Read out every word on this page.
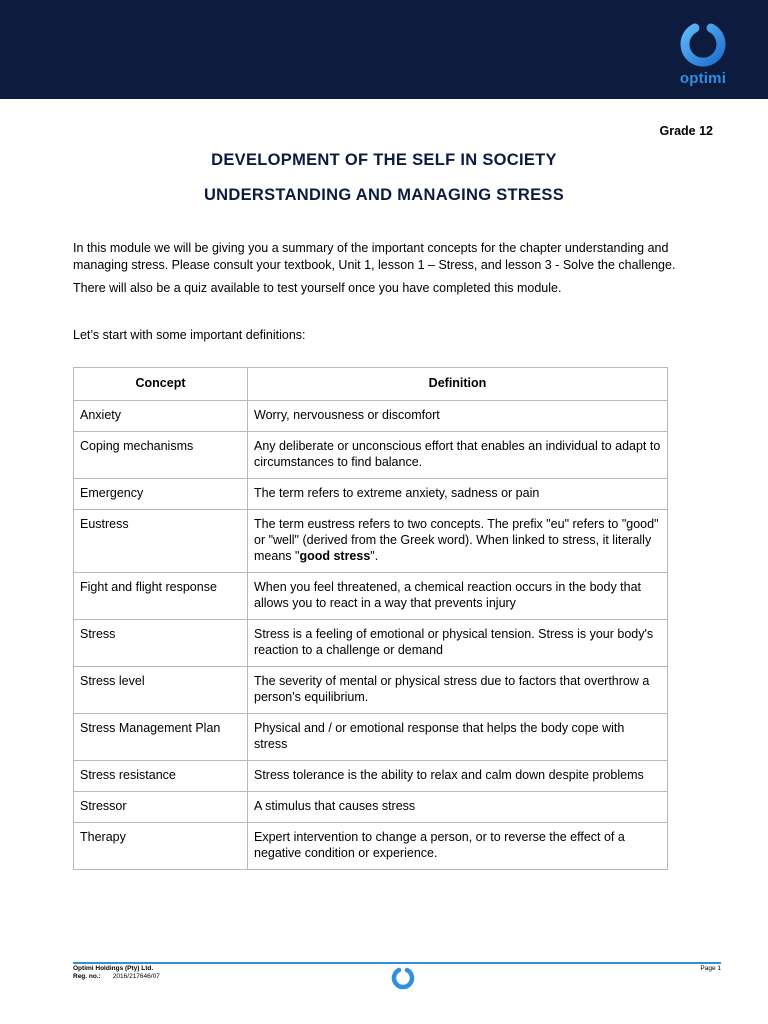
optimi
Grade 12
DEVELOPMENT OF THE SELF IN SOCIETY
UNDERSTANDING AND MANAGING STRESS

In this module we will be giving you a summary of the important concepts for the chapter understanding and managing stress. Please consult your textbook, Unit 1, lesson 1 – Stress, and lesson 3 - Solve the challenge.

There will also be a quiz available to test yourself once you have completed this module.

Let’s start with some important definitions:

Concept	Definition
Anxiety	Worry, nervousness or discomfort
Coping mechanisms	Any deliberate or unconscious effort that enables an individual to adapt to circumstances to find balance.
Emergency	The term refers to extreme anxiety, sadness or pain
Eustress	The term eustress refers to two concepts. The prefix "eu" refers to "good" or "well" (derived from the Greek word). When linked to stress, it literally means "good stress".
Fight and flight response	When you feel threatened, a chemical reaction occurs in the body that allows you to react in a way that prevents injury
Stress	Stress is a feeling of emotional or physical tension. Stress is your body's reaction to a challenge or demand
Stress level	The severity of mental or physical stress due to factors that overthrow a person's equilibrium.
Stress Management Plan	Physical and / or emotional response that helps the body cope with stress
Stress resistance	Stress tolerance is the ability to relax and calm down despite problems
Stressor	A stimulus that causes stress
Therapy	Expert intervention to change a person, or to reverse the effect of a negative condition or experience.
Optimi Holdings (Pty) Ltd.
Reg. no.: 2016/217646/07
Page 1
